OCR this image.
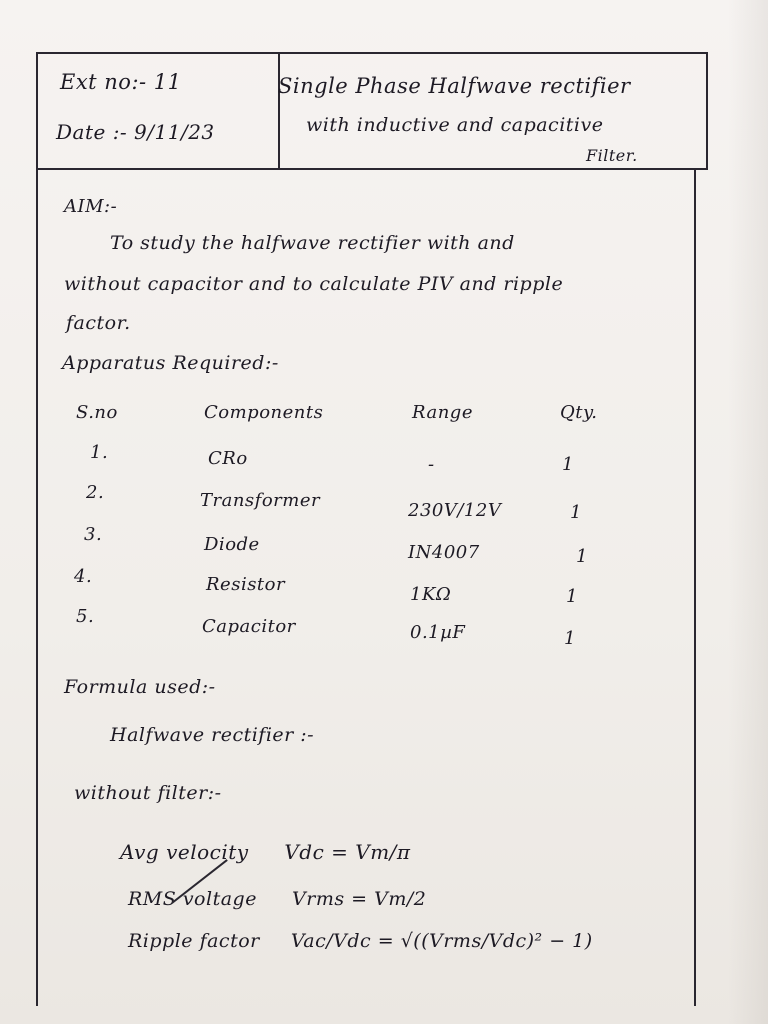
Ext no:- 11
Date :- 9/11/23
Single Phase Halfwave rectifier
with inductive and capacitive
Filter.
AIM:-
To study the halfwave rectifier with and
without capacitor and to calculate PIV and ripple
factor.
Apparatus Required:-
S.no	Components	Range	Qty.
1.	CRo	-	1
2.	Transformer	230V/12V	1
3.	Diode	IN4007	1
4.	Resistor	1KΩ	1
5.	Capacitor	0.1µF	1
Formula used:-
Halfwave rectifier :-
without filter:-
Avg velocity Vdc = Vm/π
RMS voltage Vrms = Vm/2
Ripple factor Vac/Vdc = √((Vrms/Vdc)² − 1)
